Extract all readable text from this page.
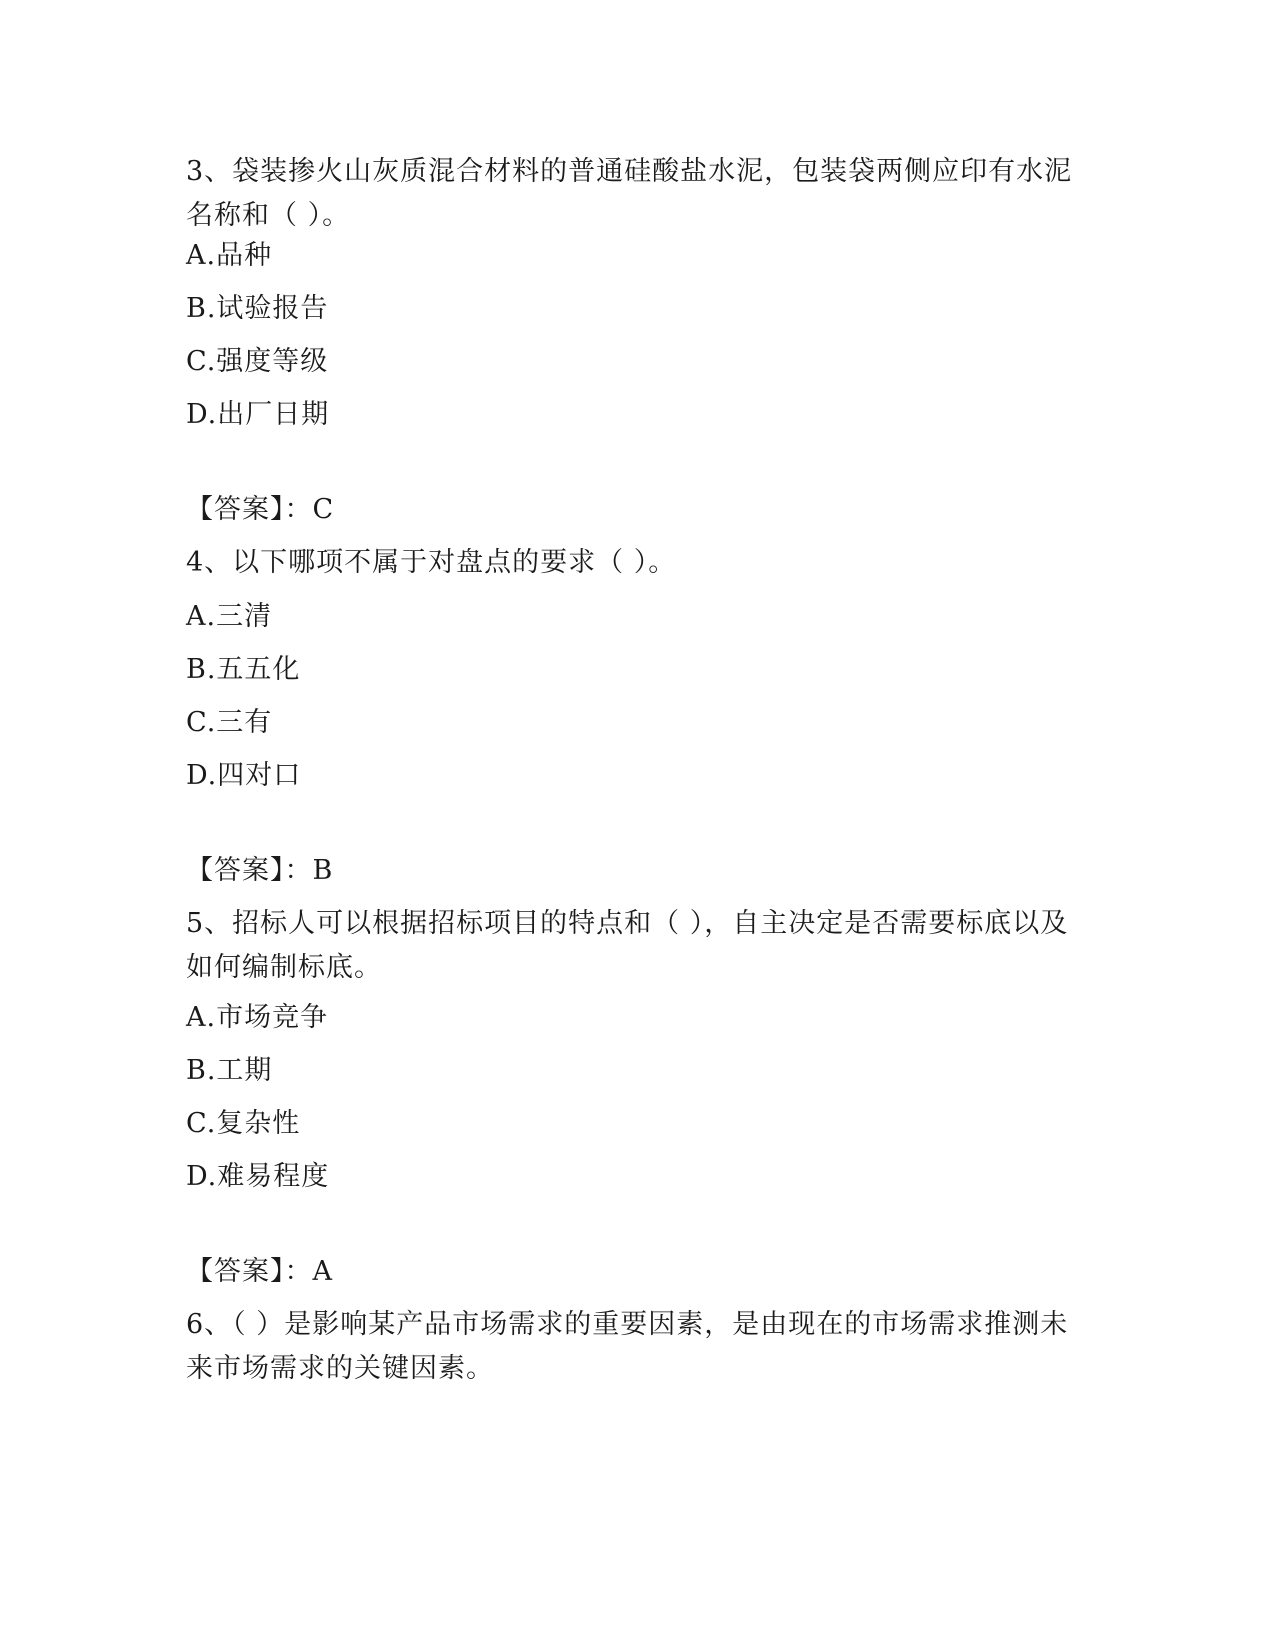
3、袋装掺火山灰质混合材料的普通硅酸盐水泥，包装袋两侧应印有水泥名称和（ ）。
A.品种
B.试验报告
C.强度等级
D.出厂日期
【答案】：C
4、以下哪项不属于对盘点的要求（ ）。
A.三清
B.五五化
C.三有
D.四对口
【答案】：B
5、招标人可以根据招标项目的特点和（ ），自主决定是否需要标底以及如何编制标底。
A.市场竞争
B.工期
C.复杂性
D.难易程度
【答案】：A
6、（ ）是影响某产品市场需求的重要因素，是由现在的市场需求推测未来市场需求的关键因素。
